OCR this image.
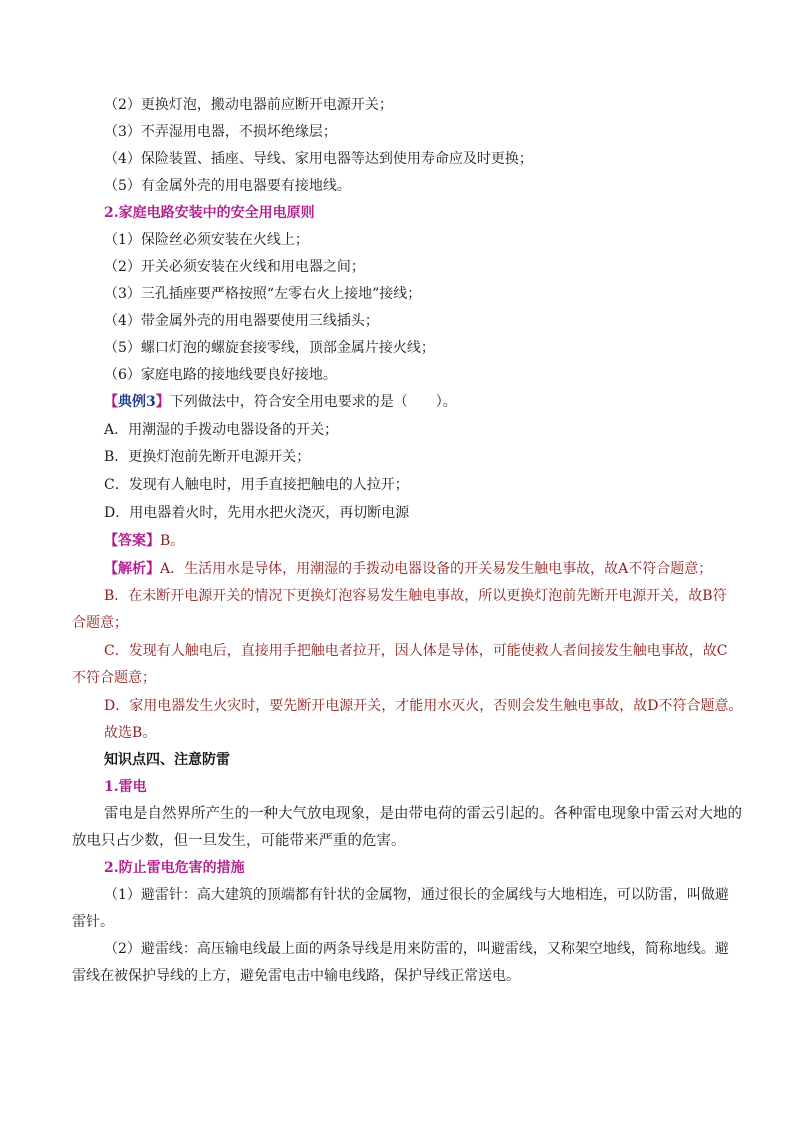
（2）更换灯泡，搬动电器前应断开电源开关；
（3）不弄湿用电器，不损坏绝缘层；
（4）保险装置、插座、导线、家用电器等达到使用寿命应及时更换；
（5）有金属外壳的用电器要有接地线。
2.家庭电路安装中的安全用电原则
（1）保险丝必须安装在火线上；
（2）开关必须安装在火线和用电器之间；
（3）三孔插座要严格按照“左零右火上接地”接线；
（4）带金属外壳的用电器要使用三线插头；
（5）螺口灯泡的螺旋套接零线，顶部金属片接火线；
（6）家庭电路的接地线要良好接地。
【典例3】下列做法中，符合安全用电要求的是（　　）。
A．用潮湿的手拨动电器设备的开关；
B．更换灯泡前先断开电源开关；
C．发现有人触电时，用手直接把触电的人拉开；
D．用电器着火时，先用水把火浇灭，再切断电源
【答案】B。
【解析】A．生活用水是导体，用潮湿的手拨动电器设备的开关易发生触电事故，故A不符合题意；
B．在未断开电源开关的情况下更换灯泡容易发生触电事故，所以更换灯泡前先断开电源开关，故B符
合题意；
C．发现有人触电后，直接用手把触电者拉开，因人体是导体，可能使救人者间接发生触电事故，故C
不符合题意；
D．家用电器发生火灾时，要先断开电源开关，才能用水灭火，否则会发生触电事故，故D不符合题意。
故选B。
知识点四、注意防雷
1.雷电
雷电是自然界所产生的一种大气放电现象，是由带电荷的雷云引起的。各种雷电现象中雷云对大地的
放电只占少数，但一旦发生，可能带来严重的危害。
2.防止雷电危害的措施
（1）避雷针：高大建筑的顶端都有针状的金属物，通过很长的金属线与大地相连，可以防雷，叫做避
雷针。
（2）避雷线：高压输电线最上面的两条导线是用来防雷的，叫避雷线，又称架空地线，简称地线。避
雷线在被保护导线的上方，避免雷电击中输电线路，保护导线正常送电。
